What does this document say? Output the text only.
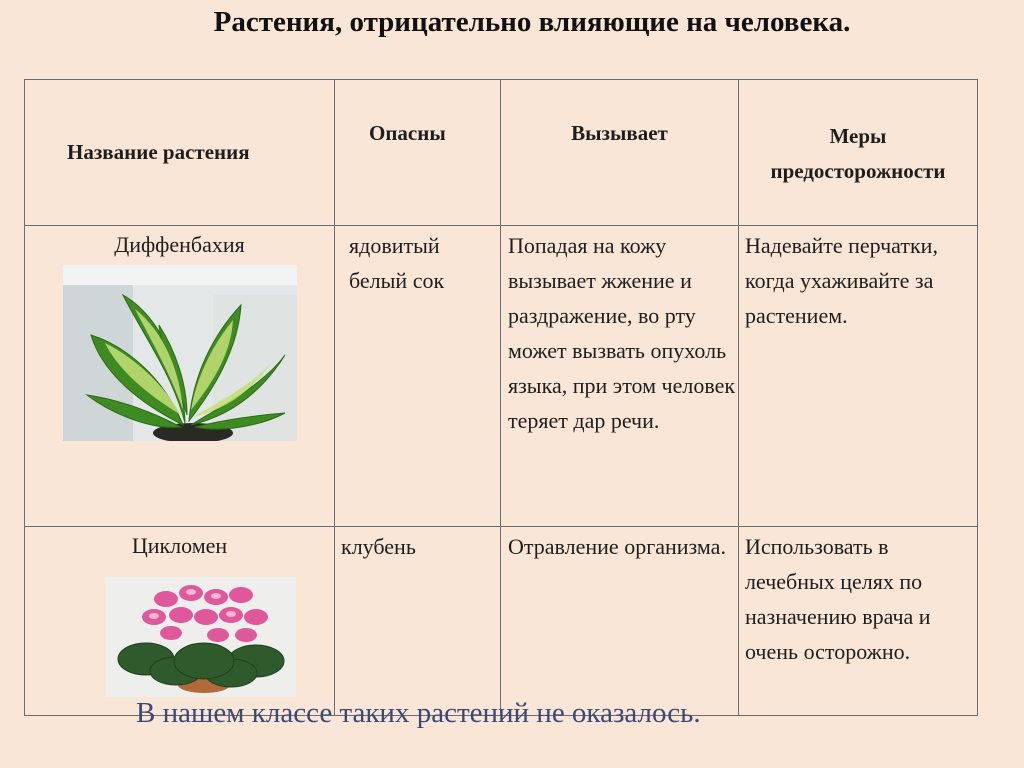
Растения, отрицательно влияющие на человека.
Название растения	Опасны	Вызывает	Меры предосторожности

Диффенбахия	ядовитый белый сок	Попадая на кожу вызывает жжение и раздражение, во рту может вызвать опухоль языка, при этом человек теряет дар речи.	Надевайте перчатки, когда ухаживайте за растением.

Цикломен	клубень	Отравление организма.	Использовать в лечебных целях по назначению врача и очень осторожно.
В нашем классе таких растений не оказалось.
